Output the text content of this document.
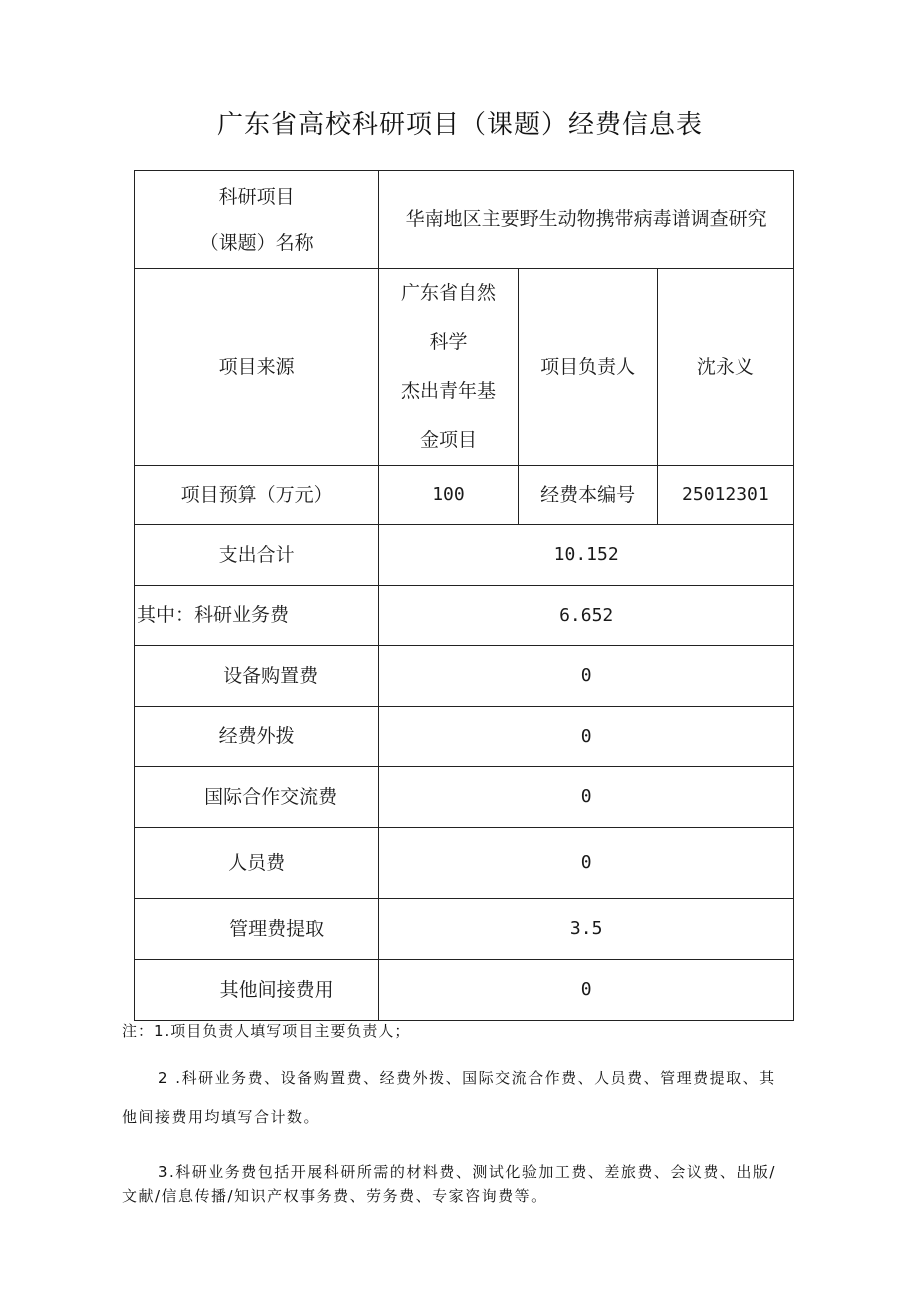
广东省高校科研项目（课题）经费信息表
科研项目
（课题）名称	华南地区主要野生动物携带病毒谱调查研究		
项目来源	广东省自然
科学
杰出青年基
金项目	项目负责人	沈永义
项目预算（万元）	100	经费本编号	25012301
支出合计	10.152		
其中：科研业务费	6.652		
设备购置费	0		
经费外拨	0		
国际合作交流费	0		
人员费	0		
管理费提取	3.5		
其他间接费用	0		
注：1.项目负责人填写项目主要负责人；
2 .科研业务费、设备购置费、经费外拨、国际交流合作费、人员费、管理费提取、其
他间接费用均填写合计数。
3.科研业务费包括开展科研所需的材料费、测试化验加工费、差旅费、会议费、出版/
文献/信息传播/知识产权事务费、劳务费、专家咨询费等。
